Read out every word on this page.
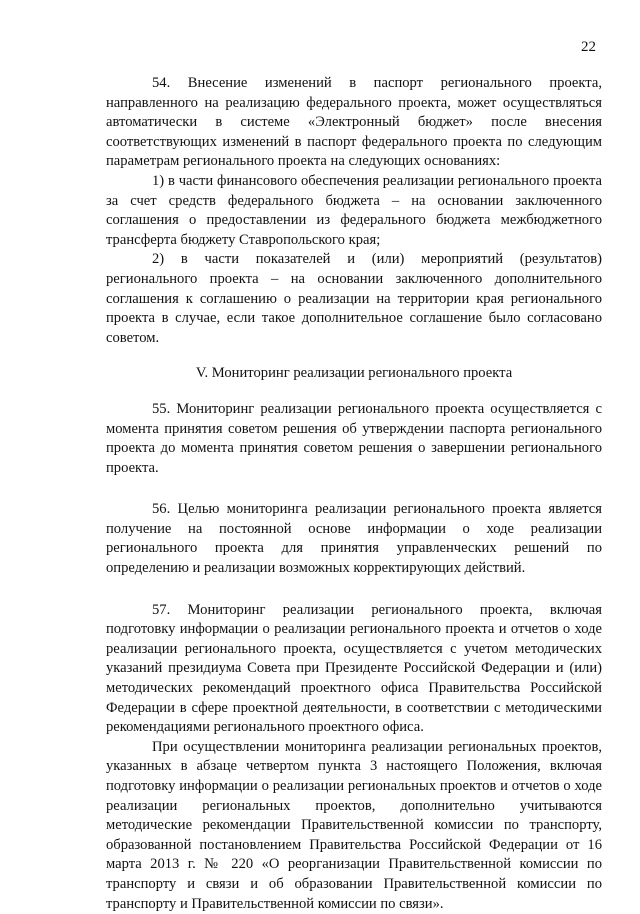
22

54. Внесение изменений в паспорт регионального проекта, направленного на реализацию федерального проекта, может осуществляться автоматически в системе «Электронный бюджет» после внесения соответствующих изменений в паспорт федерального проекта по следующим параметрам регионального проекта на следующих основаниях:

1) в части финансового обеспечения реализации регионального проекта за счет средств федерального бюджета – на основании заключенного соглашения о предоставлении из федерального бюджета межбюджетного трансферта бюджету Ставропольского края;

2) в части показателей и (или) мероприятий (результатов) регионального проекта – на основании заключенного дополнительного соглашения к соглашению о реализации на территории края регионального проекта в случае, если такое дополнительное соглашение было согласовано советом.

V. Мониторинг реализации регионального проекта

55. Мониторинг реализации регионального проекта осуществляется с момента принятия советом решения об утверждении паспорта регионального проекта до момента принятия советом решения о завершении регионального проекта.

56. Целью мониторинга реализации регионального проекта является получение на постоянной основе информации о ходе реализации регионального проекта для принятия управленческих решений по определению и реализации возможных корректирующих действий.

57. Мониторинг реализации регионального проекта, включая подготовку информации о реализации регионального проекта и отчетов о ходе реализации регионального проекта, осуществляется с учетом методических указаний президиума Совета при Президенте Российской Федерации и (или) методических рекомендаций проектного офиса Правительства Российской Федерации в сфере проектной деятельности, в соответствии с методическими рекомендациями регионального проектного офиса.

При осуществлении мониторинга реализации региональных проектов, указанных в абзаце четвертом пункта 3 настоящего Положения, включая подготовку информации о реализации региональных проектов и отчетов о ходе реализации региональных проектов, дополнительно учитываются методические рекомендации Правительственной комиссии по транспорту, образованной постановлением Правительства Российской Федерации от 16 марта 2013 г. № 220 «О реорганизации Правительственной комиссии по транспорту и связи и об образовании Правительственной комиссии по транспорту и Правительственной комиссии по связи».
